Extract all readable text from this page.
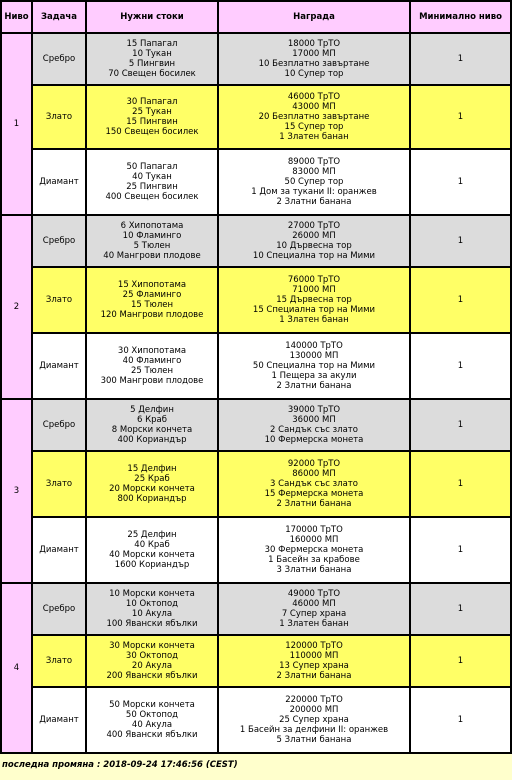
Ниво	Задача	Нужни стоки	Награда	Минимално ниво
1	Сребро	15 Папагал
10 Тукан
5 Пингвин
70 Свещен босилек	18000 ТрТО
17000 МП
10 Безплатно завъртане
10 Супер тор	1
	Злато	30 Папагал
25 Тукан
15 Пингвин
150 Свещен босилек	46000 ТрТО
43000 МП
20 Безплатно завъртане
15 Супер тор
1 Златен банан	1
	Диамант	50 Папагал
40 Тукан
25 Пингвин
400 Свещен босилек	89000 ТрТО
83000 МП
50 Супер тор
1 Дом за тукани II: оранжев
2 Златни банана	1
2	Сребро	6 Хипопотама
10 Фламинго
5 Тюлен
40 Мангрови плодове	27000 ТрТО
26000 МП
10 Дървесна тор
10 Специална тор на Мими	1
	Злато	15 Хипопотама
25 Фламинго
15 Тюлен
120 Мангрови плодове	76000 ТрТО
71000 МП
15 Дървесна тор
15 Специална тор на Мими
1 Златен банан	1
	Диамант	30 Хипопотама
40 Фламинго
25 Тюлен
300 Мангрови плодове	140000 ТрТО
130000 МП
50 Специална тор на Мими
1 Пещера за акули
2 Златни банана	1
3	Сребро	5 Делфин
6 Краб
8 Морски кончета
400 Кориандър	39000 ТрТО
36000 МП
2 Сандък със злато
10 Фермерска монета	1
	Злато	15 Делфин
25 Краб
20 Морски кончета
800 Кориандър	92000 ТрТО
86000 МП
3 Сандък със злато
15 Фермерска монета
2 Златни банана	1
	Диамант	25 Делфин
40 Краб
40 Морски кончета
1600 Кориандър	170000 ТрТО
160000 МП
30 Фермерска монета
1 Басейн за крабове
3 Златни банана	1
4	Сребро	10 Морски кончета
10 Октопод
10 Акула
100 Явански ябълки	49000 ТрТО
46000 МП
7 Супер храна
1 Златен банан	1
	Злато	30 Морски кончета
30 Октопод
20 Акула
200 Явански ябълки	120000 ТрТО
110000 МП
13 Супер храна
2 Златни банана	1
	Диамант	50 Морски кончета
50 Октопод
40 Акула
400 Явански ябълки	220000 ТрТО
200000 МП
25 Супер храна
1 Басейн за делфини II: оранжев
5 Златни банана	1
последна промяна : 2018-09-24 17:46:56 (CEST)
